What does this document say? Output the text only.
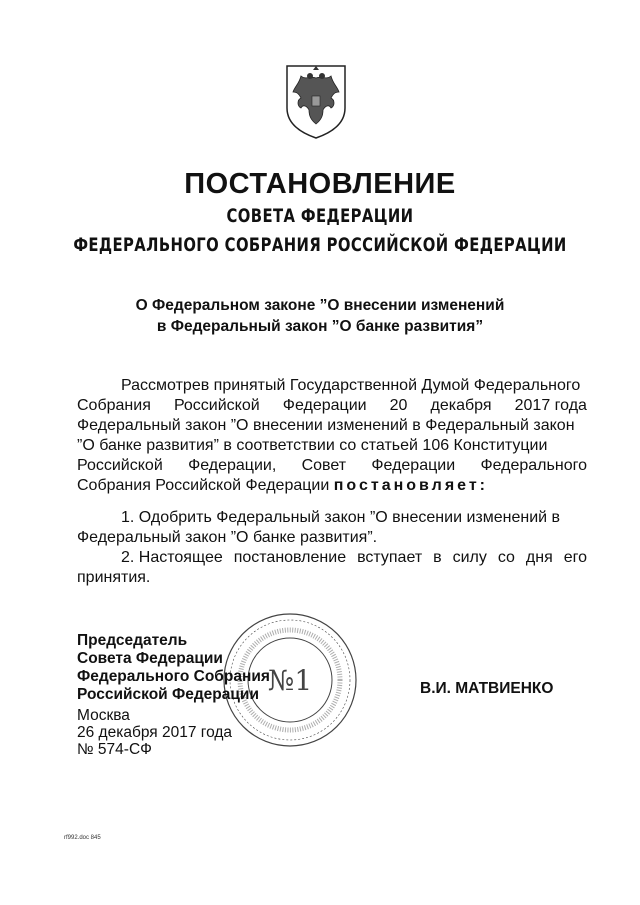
ПОСТАНОВЛЕНИЕ
СОВЕТА ФЕДЕРАЦИИ
ФЕДЕРАЛЬНОГО СОБРАНИЯ РОССИЙСКОЙ ФЕДЕРАЦИИ
О Федеральном законе ”О внесении изменений
в Федеральный закон ”О банке развития”
Рассмотрев принятый Государственной Думой Федерального
Собрания Российской Федерации 20 декабря 2017 года
Федеральный закон ”О внесении изменений в Федеральный закон
”О банке развития” в соответствии со статьей 106 Конституции
Российской Федерации, Совет Федерации Федерального
Собрания Российской Федерации постановляет:
1. Одобрить Федеральный закон ”О внесении изменений в
Федеральный закон ”О банке развития”.
2. Настоящее постановление вступает в силу со дня его
принятия.
№1
Председатель
Совета Федерации
Федерального Собрания
Российской Федерации	В.И. МАТВИЕНКО
Москва
26 декабря 2017 года
№ 574-СФ
rf992.doc 845
